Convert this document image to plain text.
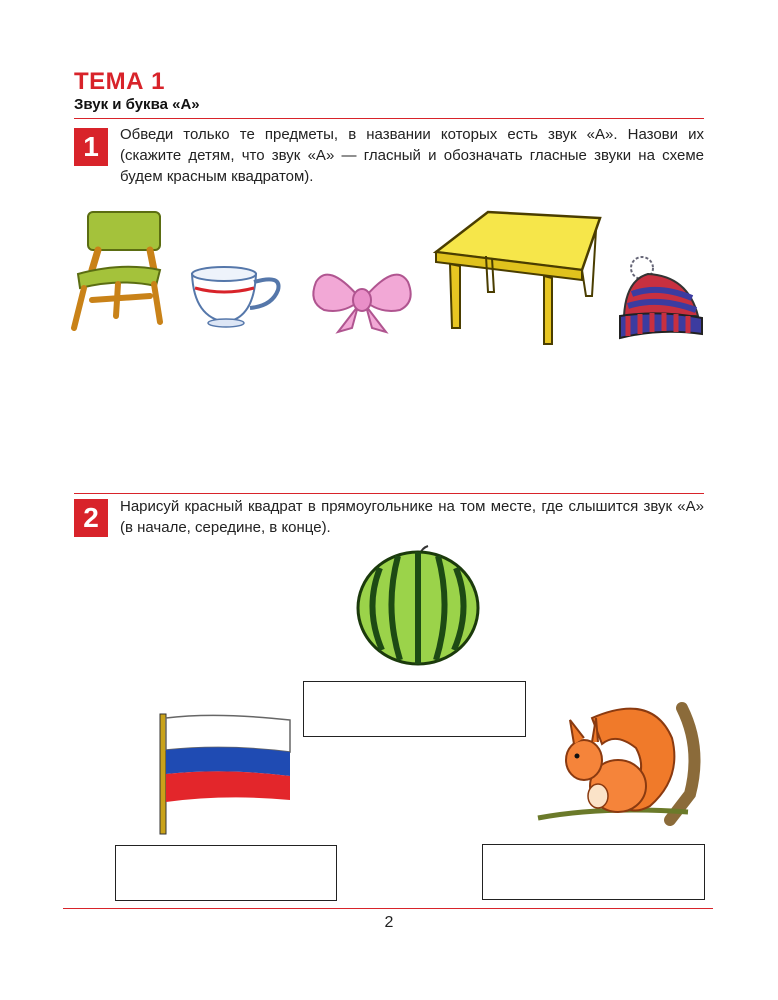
ТЕМА 1
Звук и буква «А»
1	Обведи только те предметы, в названии которых есть звук «А». Назови их (скажите детям, что звук «А» — гласный и обозначать гласные звуки на схеме будем красным квадратом).
2	Нарисуй красный квадрат в прямоугольнике на том месте, где слышится звук «А» (в начале, середине, в конце).
2
